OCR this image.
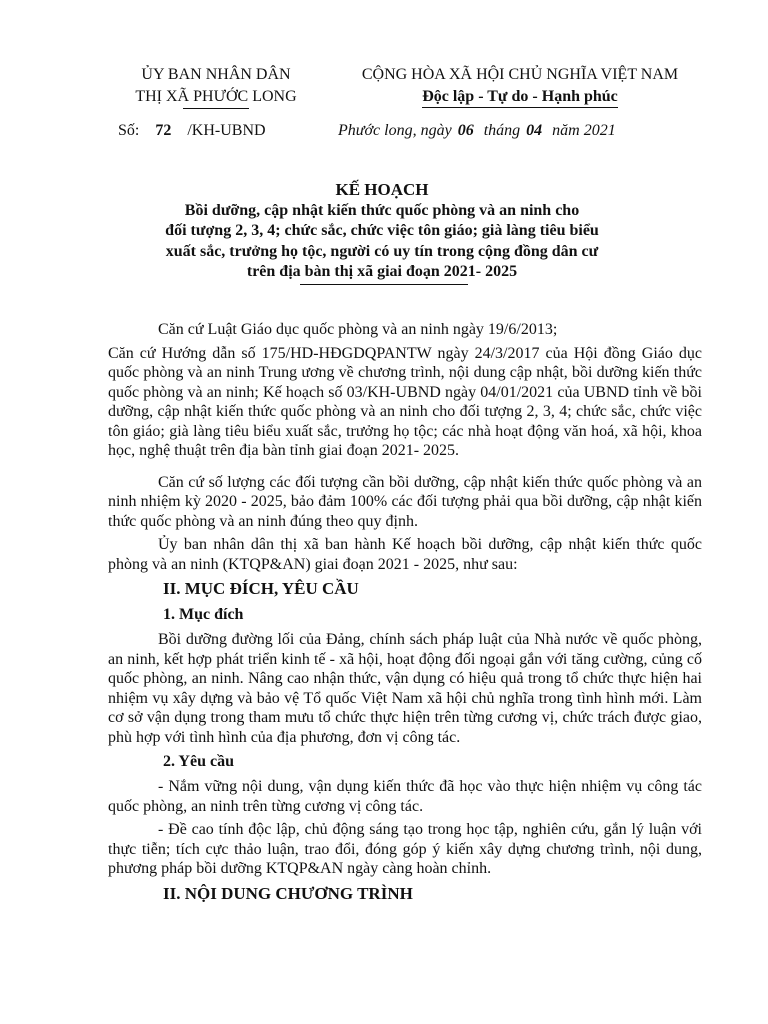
ỦY BAN NHÂN DÂN
THỊ XÃ PHƯỚC LONG
CỘNG HÒA XÃ HỘI CHỦ NGHĨA VIỆT NAM
Độc lập - Tự do - Hạnh phúc
Số: 72 /KH-UBND	Phước long, ngày 06 tháng 04 năm 2021
KẾ HOẠCH
Bồi dưỡng, cập nhật kiến thức quốc phòng và an ninh cho
đối tượng 2, 3, 4; chức sắc, chức việc tôn giáo; già làng tiêu biểu
xuất sắc, trưởng họ tộc, người có uy tín trong cộng đồng dân cư
trên địa bàn thị xã giai đoạn 2021- 2025

Căn cứ Luật Giáo dục quốc phòng và an ninh ngày 19/6/2013;

Căn cứ Hướng dẫn số 175/HD-HĐGDQPANTW ngày 24/3/2017 của Hội đồng Giáo dục quốc phòng và an ninh Trung ương về chương trình, nội dung cập nhật, bồi dưỡng kiến thức quốc phòng và an ninh; Kế hoạch số 03/KH-UBND ngày 04/01/2021 của UBND tỉnh về bồi dưỡng, cập nhật kiến thức quốc phòng và an ninh cho đối tượng 2, 3, 4; chức sắc, chức việc tôn giáo; già làng tiêu biểu xuất sắc, trưởng họ tộc; các nhà hoạt động văn hoá, xã hội, khoa học, nghệ thuật trên địa bàn tỉnh giai đoạn 2021- 2025.

Căn cứ số lượng các đối tượng cần bồi dưỡng, cập nhật kiến thức quốc phòng và an ninh nhiệm kỳ 2020 - 2025, bảo đảm 100% các đối tượng phải qua bồi dưỡng, cập nhật kiến thức quốc phòng và an ninh đúng theo quy định.

Ủy ban nhân dân thị xã ban hành Kế hoạch bồi dưỡng, cập nhật kiến thức quốc phòng và an ninh (KTQP&AN) giai đoạn 2021 - 2025, như sau:

II. MỤC ĐÍCH, YÊU CẦU
1. Mục đích

Bồi dưỡng đường lối của Đảng, chính sách pháp luật của Nhà nước về quốc phòng, an ninh, kết hợp phát triển kinh tế - xã hội, hoạt động đối ngoại gắn với tăng cường, củng cố quốc phòng, an ninh. Nâng cao nhận thức, vận dụng có hiệu quả trong tổ chức thực hiện hai nhiệm vụ xây dựng và bảo vệ Tổ quốc Việt Nam xã hội chủ nghĩa trong tình hình mới. Làm cơ sở vận dụng trong tham mưu tổ chức thực hiện trên từng cương vị, chức trách được giao, phù hợp với tình hình của địa phương, đơn vị công tác.

2. Yêu cầu

- Nắm vững nội dung, vận dụng kiến thức đã học vào thực hiện nhiệm vụ công tác quốc phòng, an ninh trên từng cương vị công tác.

- Đề cao tính độc lập, chủ động sáng tạo trong học tập, nghiên cứu, gắn lý luận với thực tiễn; tích cực thảo luận, trao đổi, đóng góp ý kiến xây dựng chương trình, nội dung, phương pháp bồi dưỡng KTQP&AN ngày càng hoàn chỉnh.

II. NỘI DUNG CHƯƠNG TRÌNH
